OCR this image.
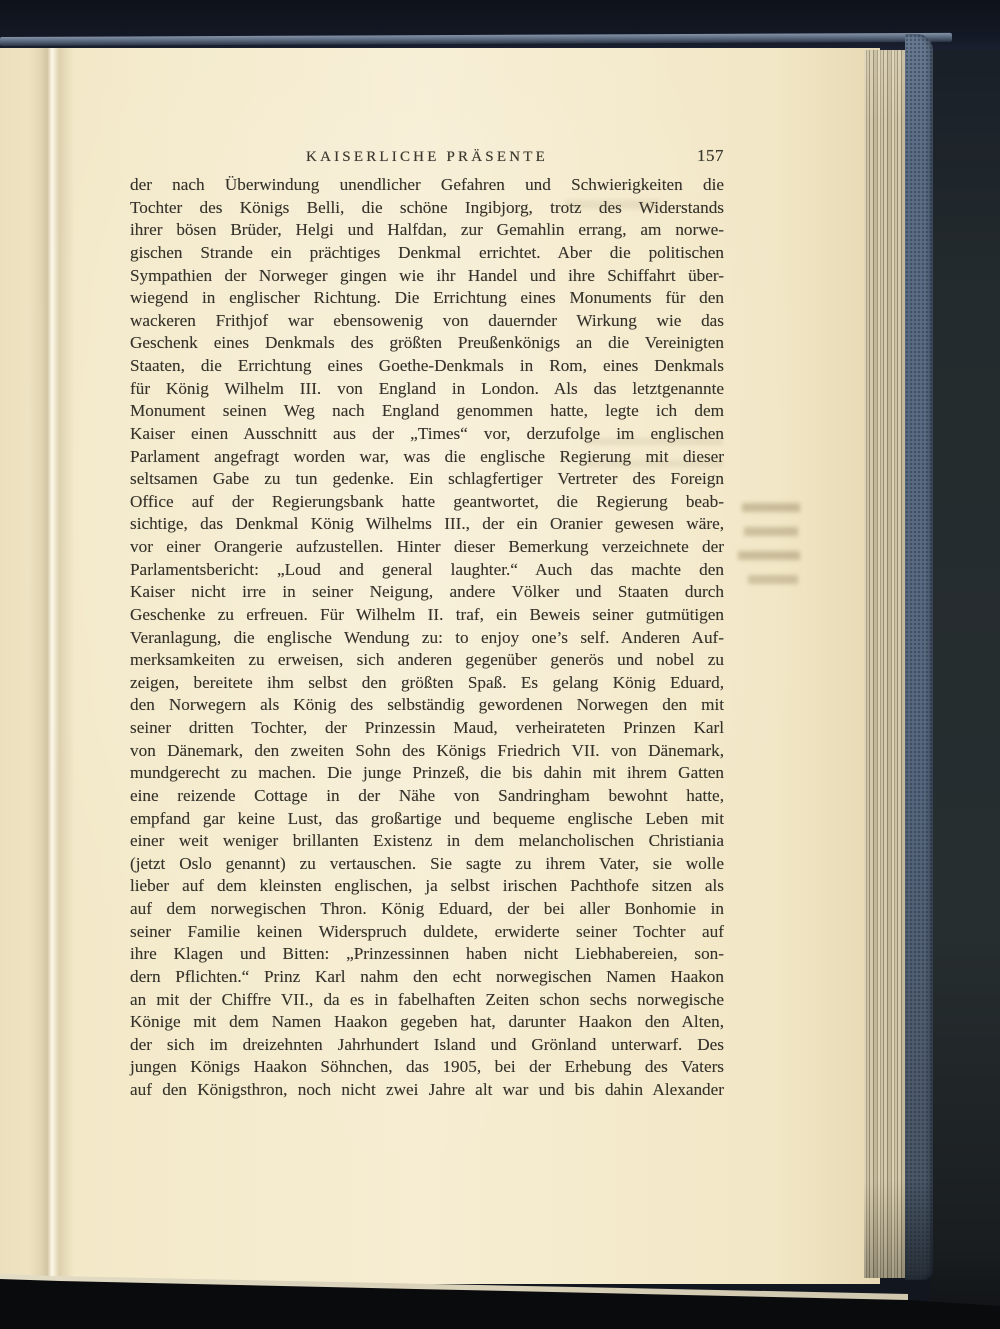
KAISERLICHE PRÄSENTE	157
der nach Überwindung unendlicher Gefahren und Schwierigkeiten die
Tochter des Königs Belli, die schöne Ingibjorg, trotz des Widerstands
ihrer bösen Brüder, Helgi und Halfdan, zur Gemahlin errang, am norwe-
gischen Strande ein prächtiges Denkmal errichtet. Aber die politischen
Sympathien der Norweger gingen wie ihr Handel und ihre Schiffahrt über-
wiegend in englischer Richtung. Die Errichtung eines Monuments für den
wackeren Frithjof war ebensowenig von dauernder Wirkung wie das
Geschenk eines Denkmals des größten Preußenkönigs an die Vereinigten
Staaten, die Errichtung eines Goethe-Denkmals in Rom, eines Denkmals
für König Wilhelm III. von England in London. Als das letztgenannte
Monument seinen Weg nach England genommen hatte, legte ich dem
Kaiser einen Ausschnitt aus der „Times“ vor, derzufolge im englischen
Parlament angefragt worden war, was die englische Regierung mit dieser
seltsamen Gabe zu tun gedenke. Ein schlagfertiger Vertreter des Foreign
Office auf der Regierungsbank hatte geantwortet, die Regierung beab-
sichtige, das Denkmal König Wilhelms III., der ein Oranier gewesen wäre,
vor einer Orangerie aufzustellen. Hinter dieser Bemerkung verzeichnete der
Parlamentsbericht: „Loud and general laughter.“ Auch das machte den
Kaiser nicht irre in seiner Neigung, andere Völker und Staaten durch
Geschenke zu erfreuen. Für Wilhelm II. traf, ein Beweis seiner gutmütigen
Veranlagung, die englische Wendung zu: to enjoy one’s self. Anderen Auf-
merksamkeiten zu erweisen, sich anderen gegenüber generös und nobel zu
zeigen, bereitete ihm selbst den größten Spaß. Es gelang König Eduard,
den Norwegern als König des selbständig gewordenen Norwegen den mit
seiner dritten Tochter, der Prinzessin Maud, verheirateten Prinzen Karl
von Dänemark, den zweiten Sohn des Königs Friedrich VII. von Dänemark,
mundgerecht zu machen. Die junge Prinzeß, die bis dahin mit ihrem Gatten
eine reizende Cottage in der Nähe von Sandringham bewohnt hatte,
empfand gar keine Lust, das großartige und bequeme englische Leben mit
einer weit weniger brillanten Existenz in dem melancholischen Christiania
(jetzt Oslo genannt) zu vertauschen. Sie sagte zu ihrem Vater, sie wolle
lieber auf dem kleinsten englischen, ja selbst irischen Pachthofe sitzen als
auf dem norwegischen Thron. König Eduard, der bei aller Bonhomie in
seiner Familie keinen Widerspruch duldete, erwiderte seiner Tochter auf
ihre Klagen und Bitten: „Prinzessinnen haben nicht Liebhabereien, son-
dern Pflichten.“ Prinz Karl nahm den echt norwegischen Namen Haakon
an mit der Chiffre VII., da es in fabelhaften Zeiten schon sechs norwegische
Könige mit dem Namen Haakon gegeben hat, darunter Haakon den Alten,
der sich im dreizehnten Jahrhundert Island und Grönland unterwarf. Des
jungen Königs Haakon Söhnchen, das 1905, bei der Erhebung des Vaters
auf den Königsthron, noch nicht zwei Jahre alt war und bis dahin Alexander
